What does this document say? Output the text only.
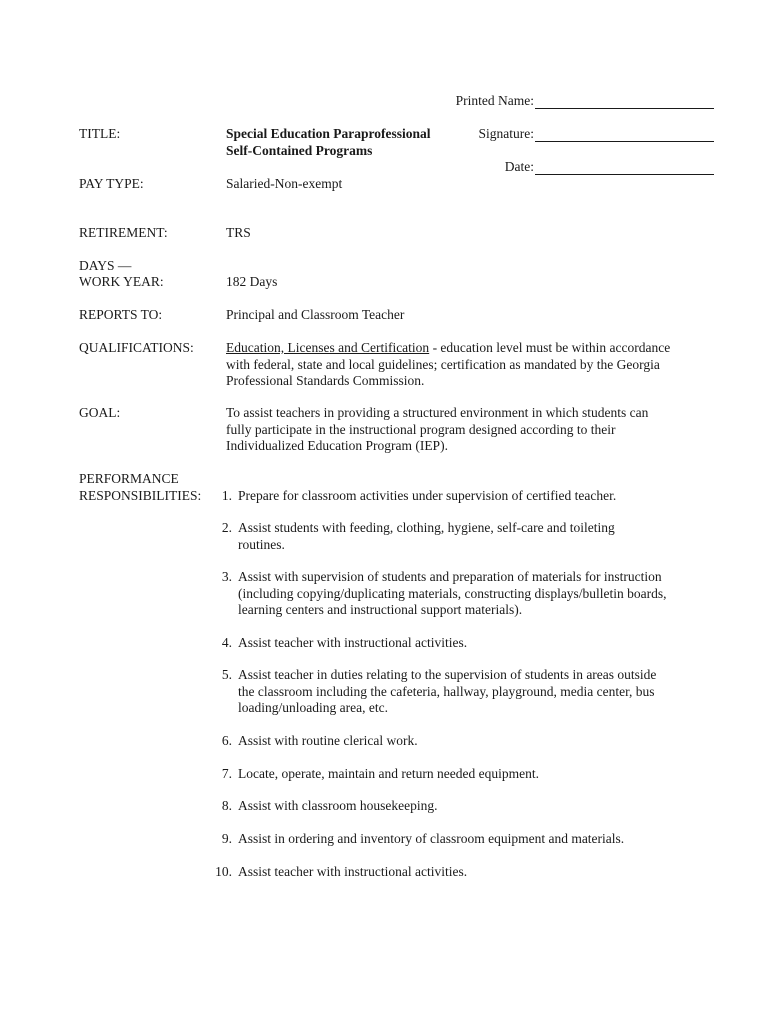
Printed Name:
Signature:
Date:
TITLE:	Special Education Paraprofessional
Self-Contained Programs
PAY TYPE:	Salaried-Non-exempt
RETIREMENT:	TRS
DAYS —
WORK YEAR:	182 Days
REPORTS TO:	Principal and Classroom Teacher
QUALIFICATIONS: Education, Licenses and Certification - education level must be within accordance with federal, state and local guidelines; certification as mandated by the Georgia Professional Standards Commission.
GOAL:	To assist teachers in providing a structured environment in which students can fully participate in the instructional program designed according to their Individualized Education Program (IEP).
PERFORMANCE
RESPONSIBILITIES:	1. Prepare for classroom activities under supervision of certified teacher.
2. Assist students with feeding, clothing, hygiene, self-care and toileting routines.
3. Assist with supervision of students and preparation of materials for instruction (including copying/duplicating materials, constructing displays/bulletin boards, learning centers and instructional support materials).
4. Assist teacher with instructional activities.
5. Assist teacher in duties relating to the supervision of students in areas outside the classroom including the cafeteria, hallway, playground, media center, bus loading/unloading area, etc.
6. Assist with routine clerical work.
7. Locate, operate, maintain and return needed equipment.
8. Assist with classroom housekeeping.
9. Assist in ordering and inventory of classroom equipment and materials.
10. Assist teacher with instructional activities.
